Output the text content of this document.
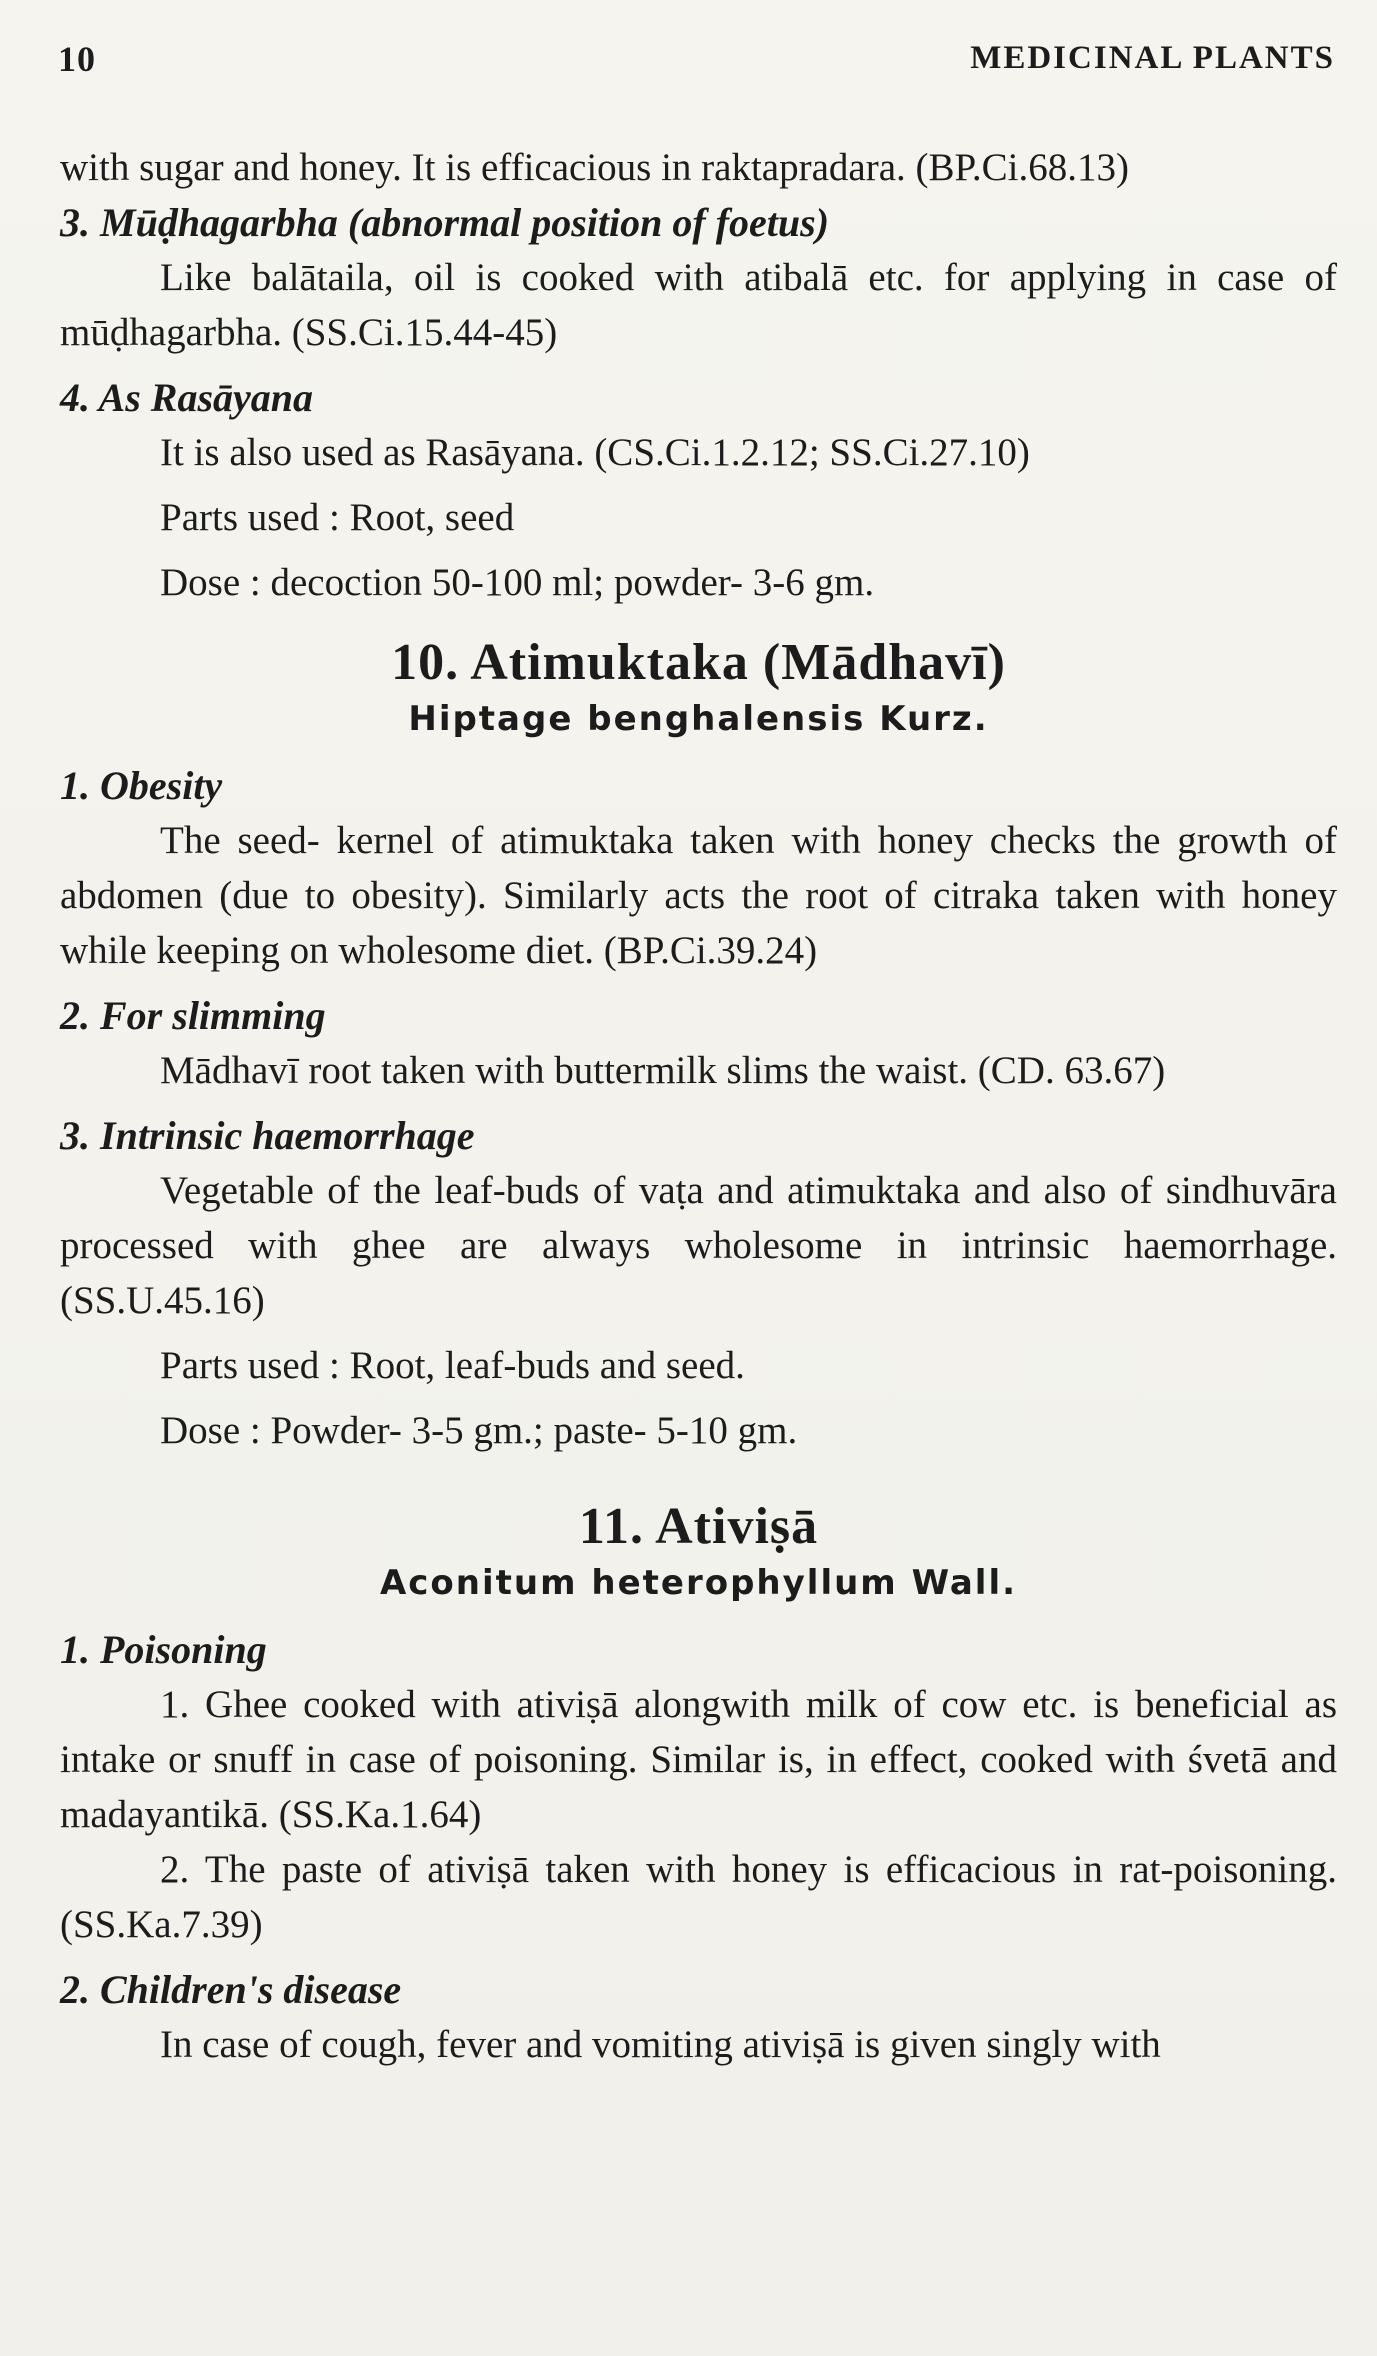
10	MEDICINAL PLANTS

with sugar and honey. It is efficacious in raktapradara. (BP.Ci.68.13)

3. Mūḍhagarbha (abnormal position of foetus)

Like balātaila, oil is cooked with atibalā etc. for applying in case of mūḍhagarbha. (SS.Ci.15.44-45)

4. As Rasāyana

It is also used as Rasāyana. (CS.Ci.1.2.12; SS.Ci.27.10)

Parts used : Root, seed

Dose : decoction 50-100 ml; powder- 3-6 gm.

10. Atimuktaka (Mādhavī)

Hiptage benghalensis Kurz.

1. Obesity

The seed- kernel of atimuktaka taken with honey checks the growth of abdomen (due to obesity). Similarly acts the root of citraka taken with honey while keeping on wholesome diet. (BP.Ci.39.24)

2. For slimming

Mādhavī root taken with buttermilk slims the waist. (CD. 63.67)

3. Intrinsic haemorrhage

Vegetable of the leaf-buds of vaṭa and atimuktaka and also of sindhuvāra processed with ghee are always wholesome in intrinsic haemorrhage. (SS.U.45.16)

Parts used : Root, leaf-buds and seed.

Dose : Powder- 3-5 gm.; paste- 5-10 gm.

11. Ativiṣā

Aconitum heterophyllum Wall.

1. Poisoning

1. Ghee cooked with ativiṣā alongwith milk of cow etc. is beneficial as intake or snuff in case of poisoning. Similar is, in effect, cooked with śvetā and madayantikā. (SS.Ka.1.64)

2. The paste of ativiṣā taken with honey is efficacious in rat-poisoning. (SS.Ka.7.39)

2. Children's disease

In case of cough, fever and vomiting ativiṣā is given singly with
